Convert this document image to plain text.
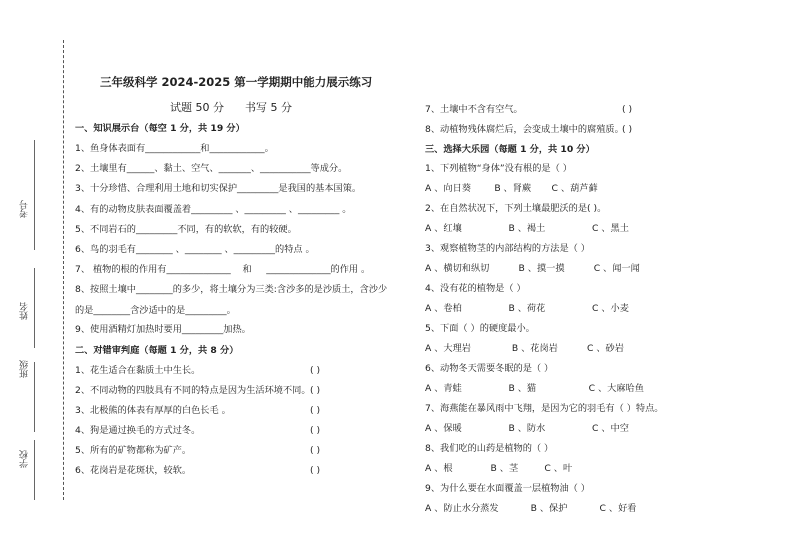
考号
姓名
班级
学校
三年级科学 2024-2025 第一学期期中能力展示练习
试题 50 分      书写 5 分
一、知识展示台（每空 1 分，共 19 分）
1、鱼身体表面有____________和____________。
2、土壤里有______、黏土、空气、_______、___________等成分。
3、十分珍惜、合理利用土地和切实保护_________是我国的基本国策。
4、有的动物皮肤表面覆盖着_________ 、_________ 、_________ 。
5、不同岩石的_________不同，有的软软，有的较硬。
6、鸟的羽毛有________ 、________ 、_________的特点 。
7、 植物的根的作用有______________    和     ______________的作用 。
8、按照土壤中________的多少，将土壤分为三类:含沙多的是沙质土，含沙少
的是________含沙适中的是_________。
9、使用酒精灯加热时要用_________加热。
二、对错审判庭（每题 1 分，共 8 分）
1、花生适合在黏质土中生长。	( )
2、不同动物的四肢具有不同的特点是因为生活环境不同。 ( )
3、北极熊的体表有厚厚的白色长毛 。	( )
4、狗是通过换毛的方式过冬。	( )
5、所有的矿物都称为矿产。	( )
6、花岗岩是花斑状，较软。	( )
7、土壤中不含有空气。	( )
8、动植物残体腐烂后，会变成土壤中的腐殖质。
( )
三、选择大乐园（每题 1 分，共 10 分）
1、下列植物“身体”没有根的是（ ）
A 、向日葵        B 、肾蕨       C 、葫芦藓
2、在自然状况下，下列土壤最肥沃的是( )。
A 、红壤                B 、褐土                C 、黑土
3、观察植物茎的内部结构的方法是（ ）
A 、横切和纵切          B 、摸一摸          C 、闻一闻
4、没有花的植物是（ ）
A 、卷柏                B 、荷花                C 、小麦
5、下面（ ）的硬度最小。
A 、大理岩              B 、花岗岩          C 、砂岩
6、动物冬天需要冬眠的是（ ）
A 、青蛙                B 、猫                  C 、大麻哈鱼
7、海燕能在暴风雨中飞翔，是因为它的羽毛有（ ）特点。
A 、保暖                B 、防水                C 、中空
8、我们吃的山药是植物的（ ）
A 、根             B 、茎         C 、叶
9、为什么要在水面覆盖一层植物油（ ）
A 、防止水分蒸发           B 、保护           C 、好看
